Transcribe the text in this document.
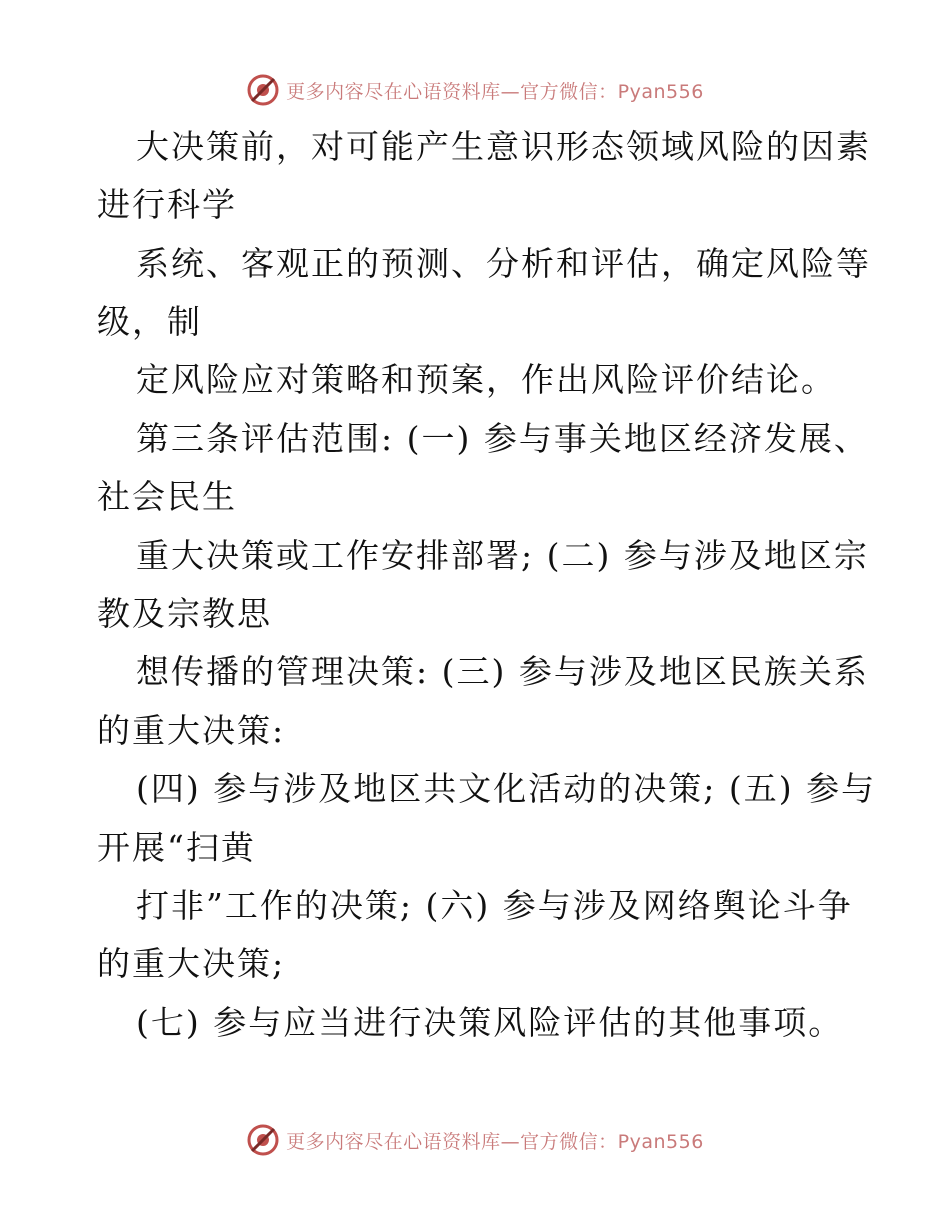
更多内容尽在心语资料库—官方微信：Pyan556
大决策前，对可能产生意识形态领域风险的因素
进行科学
系统、客观正的预测、分析和评估，确定风险等
级，制
定风险应对策略和预案，作出风险评价结论。
第三条评估范围: (一) 参与事关地区经济发展、
社会民生
重大决策或工作安排部署; (二) 参与涉及地区宗
教及宗教思
想传播的管理决策: (三) 参与涉及地区民族关系
的重大决策:
(四) 参与涉及地区共文化活动的决策; (五) 参与
开展“扫黄
打非”工作的决策; (六) 参与涉及网络舆论斗争
的重大决策;
(七) 参与应当进行决策风险评估的其他事项。
更多内容尽在心语资料库—官方微信：Pyan556
